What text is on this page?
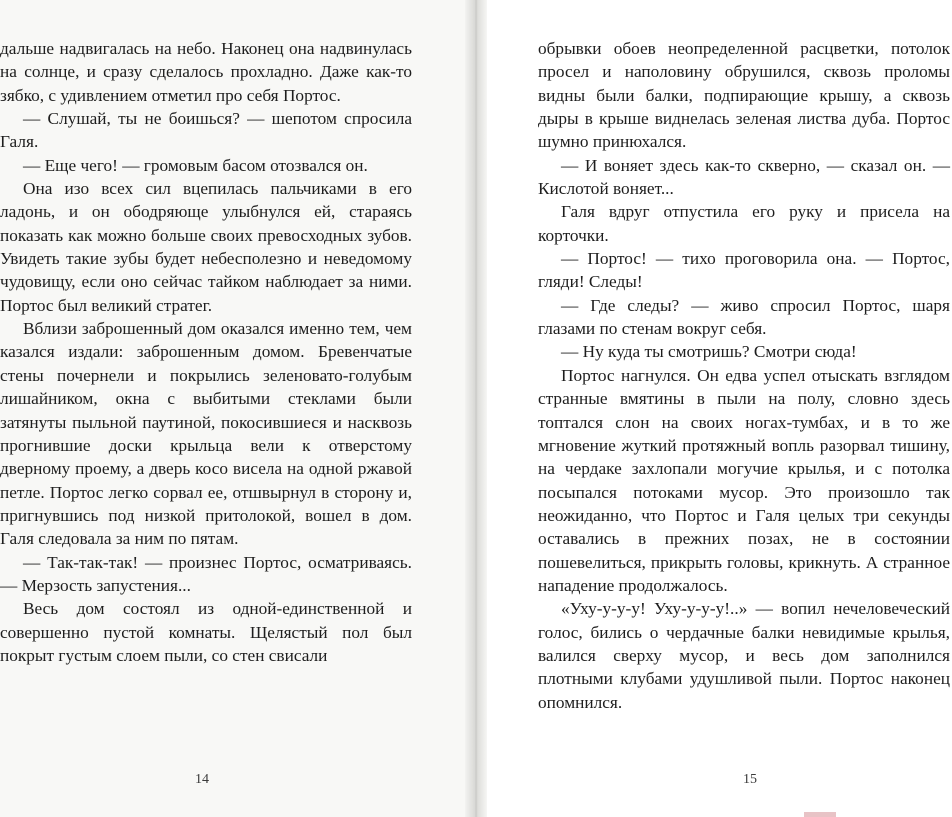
дальше надвигалась на небо. Наконец она надвинулась на солнце, и сразу сделалось прохладно. Даже как-то зябко, с удивлением отметил про себя Портос.

— Слушай, ты не боишься? — шепотом спросила Галя.

— Еще чего! — громовым басом отозвался он.

Она изо всех сил вцепилась пальчиками в его ладонь, и он ободряюще улыбнулся ей, стараясь показать как можно больше своих превосходных зубов. Увидеть такие зубы будет небесполезно и неведомому чудовищу, если оно сейчас тайком наблюдает за ними. Портос был великий стратег.

Вблизи заброшенный дом оказался именно тем, чем казался издали: заброшенным домом. Бревенчатые стены почернели и покрылись зеленовато-голубым лишайником, окна с выбитыми стеклами были затянуты пыльной паутиной, покосившиеся и насквозь прогнившие доски крыльца вели к отверстому дверному проему, а дверь косо висела на одной ржавой петле. Портос легко сорвал ее, отшвырнул в сторону и, пригнувшись под низкой притолокой, вошел в дом. Галя следовала за ним по пятам.

— Так-так-так! — произнес Портос, осматриваясь. — Мерзость запустения...

Весь дом состоял из одной-единственной и совершенно пустой комнаты. Щелястый пол был покрыт густым слоем пыли, со стен свисали

14

обрывки обоев неопределенной расцветки, потолок просел и наполовину обрушился, сквозь проломы видны были балки, подпирающие крышу, а сквозь дыры в крыше виднелась зеленая листва дуба. Портос шумно принюхался.

— И воняет здесь как-то скверно, — сказал он. — Кислотой воняет...

Галя вдруг отпустила его руку и присела на корточки.

— Портос! — тихо проговорила она. — Портос, гляди! Следы!

— Где следы? — живо спросил Портос, шаря глазами по стенам вокруг себя.

— Ну куда ты смотришь? Смотри сюда!

Портос нагнулся. Он едва успел отыскать взглядом странные вмятины в пыли на полу, словно здесь топтался слон на своих ногах-тумбах, и в то же мгновение жуткий протяжный вопль разорвал тишину, на чердаке захлопали могучие крылья, и с потолка посыпался потоками мусор. Это произошло так неожиданно, что Портос и Галя целых три секунды оставались в прежних позах, не в состоянии пошевелиться, прикрыть головы, крикнуть. А странное нападение продолжалось.

«Уху-у-у-у! Уху-у-у-у!..» — вопил нечеловеческий голос, бились о чердачные балки невидимые крылья, валился сверху мусор, и весь дом заполнился плотными клубами удушливой пыли. Портос наконец опомнился.

15
